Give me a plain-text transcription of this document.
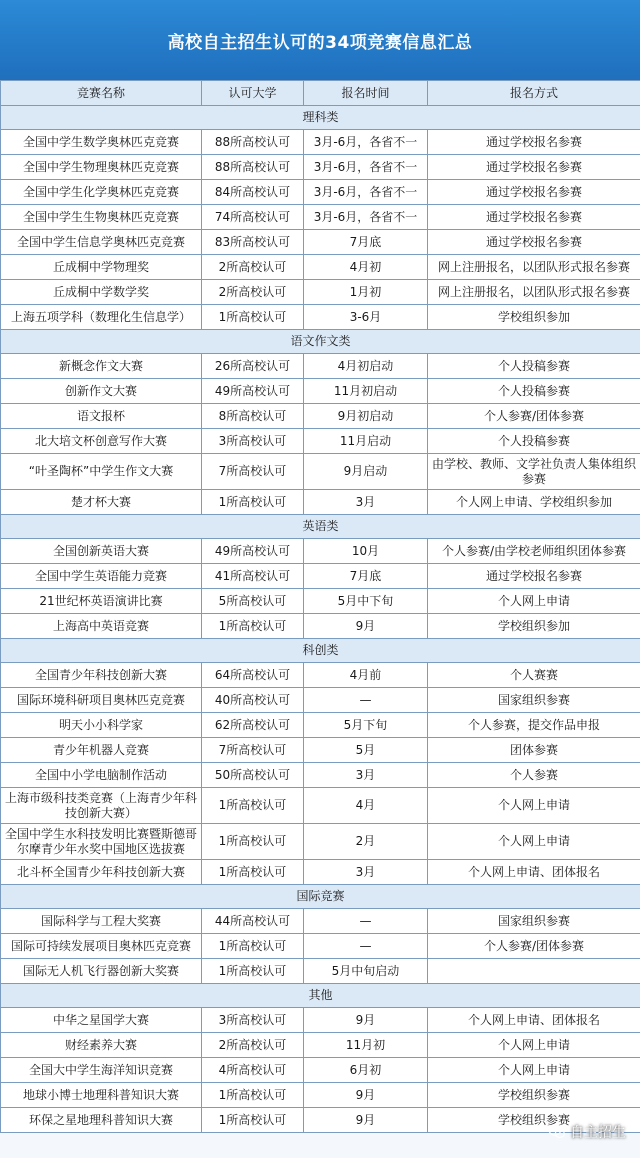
高校自主招生认可的34项竞赛信息汇总
竞赛名称	认可大学	报名时间	报名方式
理科类			
全国中学生数学奥林匹克竞赛	88所高校认可	3月-6月，各省不一	通过学校报名参赛
全国中学生物理奥林匹克竞赛	88所高校认可	3月-6月，各省不一	通过学校报名参赛
全国中学生化学奥林匹克竞赛	84所高校认可	3月-6月，各省不一	通过学校报名参赛
全国中学生生物奥林匹克竞赛	74所高校认可	3月-6月，各省不一	通过学校报名参赛
全国中学生信息学奥林匹克竞赛	83所高校认可	7月底	通过学校报名参赛
丘成桐中学物理奖	2所高校认可	4月初	网上注册报名，以团队形式报名参赛
丘成桐中学数学奖	2所高校认可	1月初	网上注册报名，以团队形式报名参赛
上海五项学科（数理化生信息学）	1所高校认可	3-6月	学校组织参加
语文作文类			
新概念作文大赛	26所高校认可	4月初启动	个人投稿参赛
创新作文大赛	49所高校认可	11月初启动	个人投稿参赛
语文报杯	8所高校认可	9月初启动	个人参赛/团体参赛
北大培文杯创意写作大赛	3所高校认可	11月启动	个人投稿参赛
“叶圣陶杯”中学生作文大赛	7所高校认可	9月启动	由学校、教师、文学社负责人集体组织参赛
楚才杯大赛	1所高校认可	3月	个人网上申请、学校组织参加
英语类			
全国创新英语大赛	49所高校认可	10月	个人参赛/由学校老师组织团体参赛
全国中学生英语能力竞赛	41所高校认可	7月底	通过学校报名参赛
21世纪杯英语演讲比赛	5所高校认可	5月中下旬	个人网上申请
上海高中英语竞赛	1所高校认可	9月	学校组织参加
科创类			
全国青少年科技创新大赛	64所高校认可	4月前	个人赛赛
国际环境科研项目奥林匹克竞赛	40所高校认可	—	国家组织参赛
明天小小科学家	62所高校认可	5月下旬	个人参赛，提交作品申报
青少年机器人竞赛	7所高校认可	5月	团体参赛
全国中小学电脑制作活动	50所高校认可	3月	个人参赛
上海市级科技类竞赛（上海青少年科技创新大赛）	1所高校认可	4月	个人网上申请
全国中学生水科技发明比赛暨斯德哥尔摩青少年水奖中国地区选拔赛	1所高校认可	2月	个人网上申请
北斗杯全国青少年科技创新大赛	1所高校认可	3月	个人网上申请、团体报名
国际竞赛			
国际科学与工程大奖赛	44所高校认可	—	国家组织参赛
国际可持续发展项目奥林匹克竞赛	1所高校认可	—	个人参赛/团体参赛
国际无人机飞行器创新大奖赛	1所高校认可	5月中旬启动	
其他			
中华之星国学大赛	3所高校认可	9月	个人网上申请、团体报名
财经素养大赛	2所高校认可	11月初	个人网上申请
全国大中学生海洋知识竞赛	4所高校认可	6月初	个人网上申请
地球小博士地理科普知识大赛	1所高校认可	9月	学校组织参赛
环保之星地理科普知识大赛	1所高校认可	9月	学校组织参赛
自主招生
